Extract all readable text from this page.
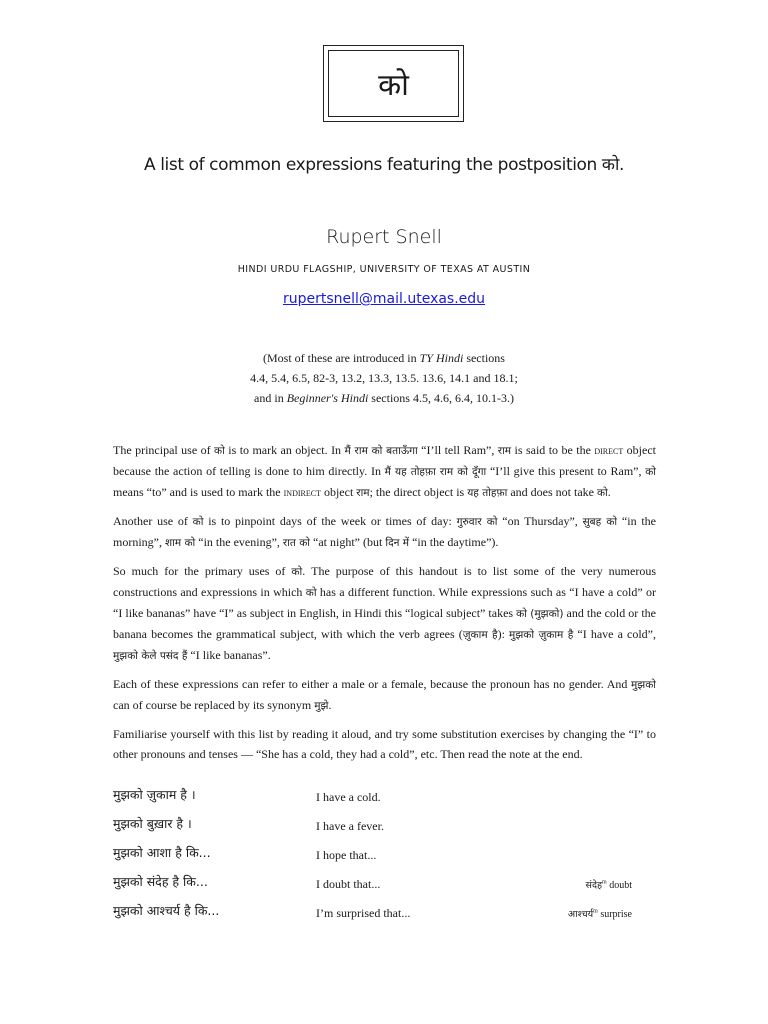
को
A list of common expressions featuring the postposition को.
Rupert Snell
HINDI URDU FLAGSHIP, UNIVERSITY OF TEXAS AT AUSTIN
rupertsnell@mail.utexas.edu
(Most of these are introduced in TY Hindi sections
4.4, 5.4, 6.5, 82-3, 13.2, 13.3, 13.5. 13.6, 14.1 and 18.1;
and in Beginner's Hindi sections 4.5, 4.6, 6.4, 10.1-3.)

The principal use of को is to mark an object. In मैं राम को बताऊँगा “I’ll tell Ram”, राम is said to be the direct object because the action of telling is done to him directly. In मैं यह तोहफ़ा राम को दूँगा “I’ll give this present to Ram”, को means “to” and is used to mark the indirect object राम; the direct object is यह तोहफ़ा and does not take को.

Another use of को is to pinpoint days of the week or times of day: गुरुवार को “on Thursday”, सुबह को “in the morning”, शाम को “in the evening”, रात को “at night” (but दिन में “in the daytime”).

So much for the primary uses of को. The purpose of this handout is to list some of the very numerous constructions and expressions in which को has a different function. While expressions such as “I have a cold” or “I like bananas” have “I” as subject in English, in Hindi this “logical subject” takes को (मुझको) and the cold or the banana becomes the grammatical subject, with which the verb agrees (ज़ुकाम है): मुझको ज़ुकाम है “I have a cold”, मुझको केले पसंद हैं “I like bananas”.

Each of these expressions can refer to either a male or a female, because the pronoun has no gender. And मुझको can of course be replaced by its synonym मुझे.

Familiarise yourself with this list by reading it aloud, and try some substitution exercises by changing the “I” to other pronouns and tenses — “She has a cold, they had a cold”, etc. Then read the note at the end.

मुझको ज़ुकाम है ।	I have a cold.
मुझको बुख़ार है ।	I have a fever.
मुझको आशा है कि...	I hope that...
मुझको संदेह है कि...	I doubt that...	संदेह$^m$ doubt
मुझको आश्चर्य है कि...	I’m surprised that...	आश्चर्य$^m$ surprise
